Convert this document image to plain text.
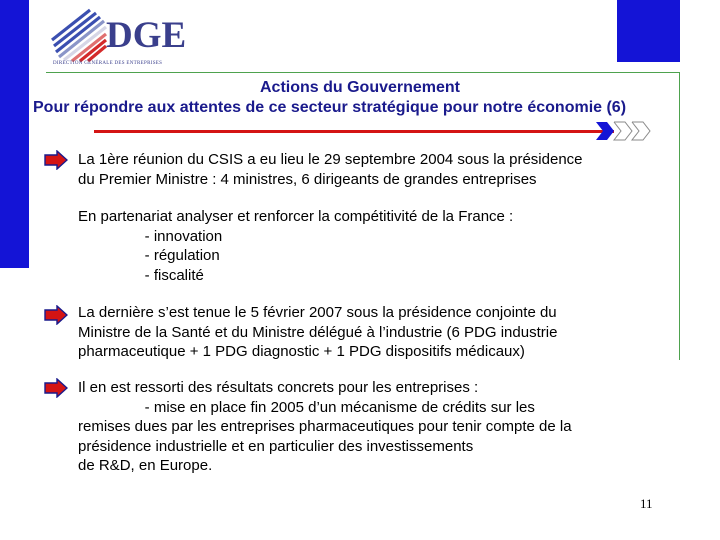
DGE
DIRECTION GÉNÉRALE DES ENTREPRISES
Actions du Gouvernement
Pour répondre aux attentes de ce secteur stratégique pour notre économie (6)
La 1ère réunion du CSIS a eu lieu le 29 septembre 2004 sous la présidence
du Premier Ministre : 4 ministres, 6 dirigeants de grandes entreprises
En partenariat analyser et renforcer la compétitivité de la France :
- innovation
- régulation
- fiscalité
La dernière s’est tenue le 5 février 2007 sous la présidence conjointe du
Ministre de la Santé et du Ministre délégué à l’industrie (6 PDG industrie
pharmaceutique + 1 PDG diagnostic + 1 PDG dispositifs médicaux)
Il en est ressorti des résultats concrets pour les entreprises :
- mise en place fin 2005 d’un mécanisme de crédits sur les
remises dues par les entreprises pharmaceutiques pour tenir compte de la
présidence industrielle et en particulier des investissements
de R&D, en Europe.
11
